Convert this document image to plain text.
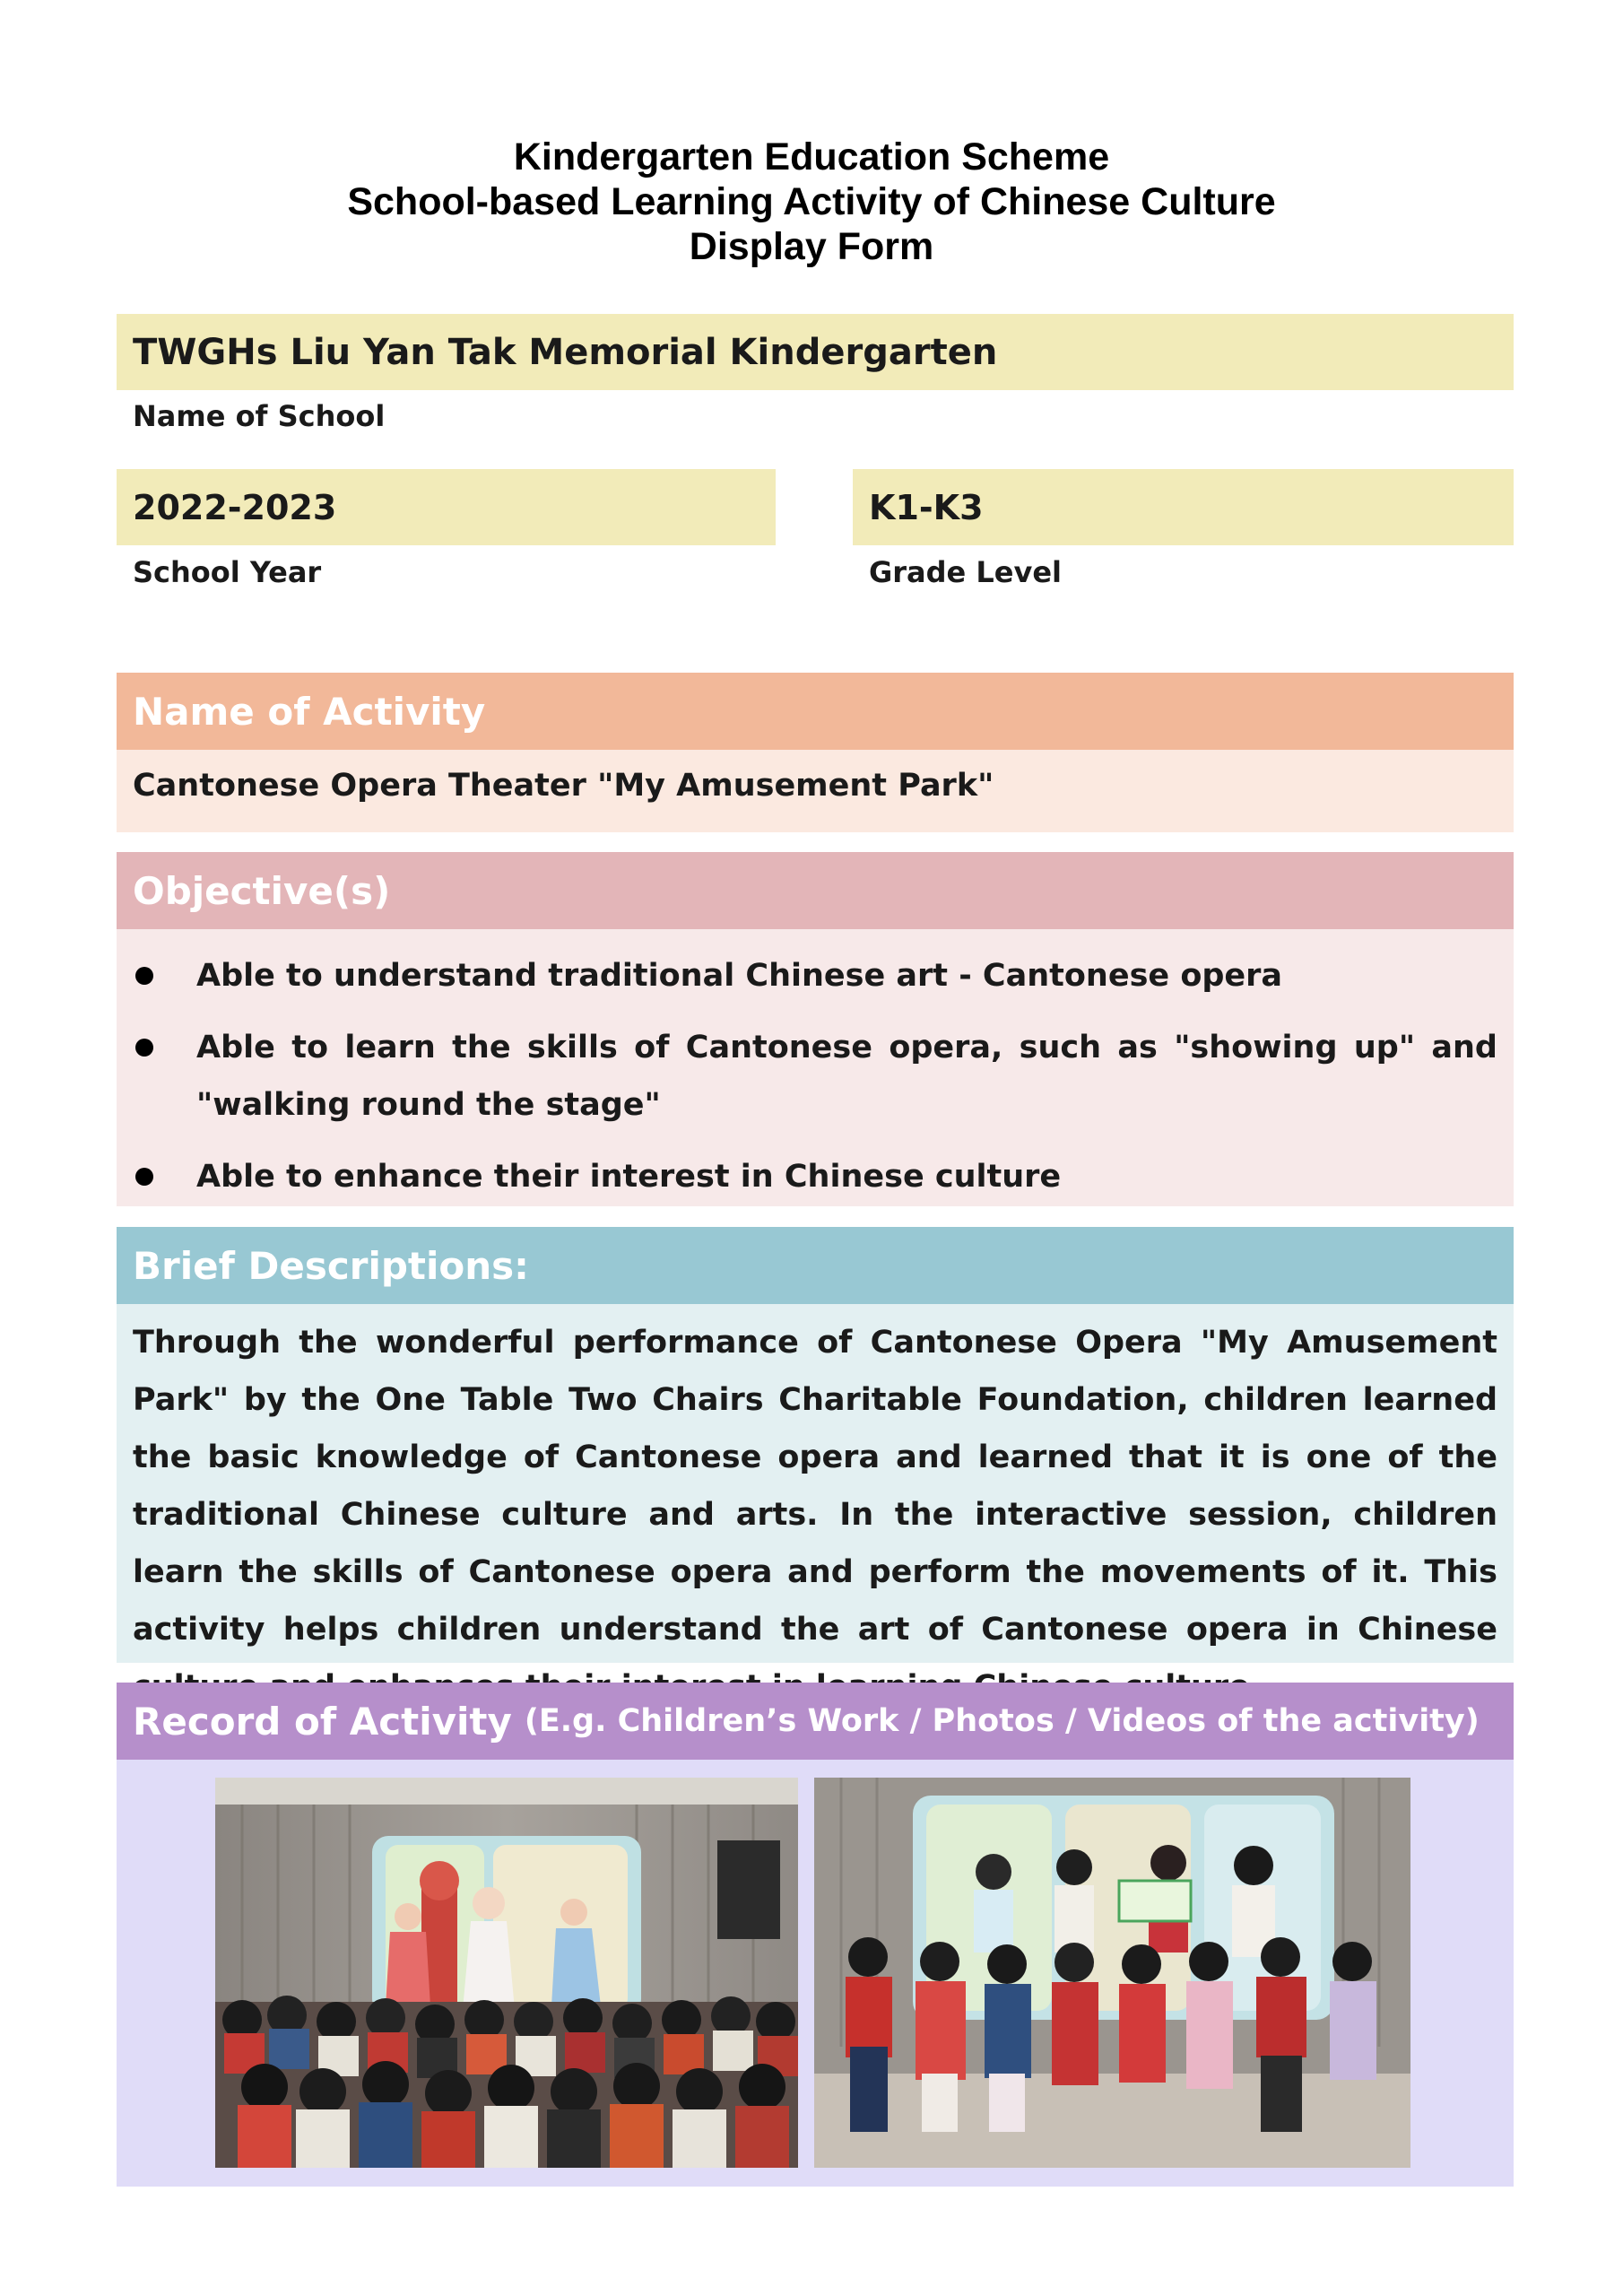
Kindergarten Education Scheme
School-based Learning Activity of Chinese Culture
Display Form
TWGHs Liu Yan Tak Memorial Kindergarten
Name of School
2022-2023
School Year
K1-K3
Grade Level
Name of Activity
Cantonese Opera Theater "My Amusement Park"
Objective(s)
Able to understand traditional Chinese art - Cantonese opera
Able to learn the skills of Cantonese opera, such as "showing up" and "walking round the stage"
Able to enhance their interest in Chinese culture
Brief Descriptions:
Through the wonderful performance of Cantonese Opera "My Amusement Park" by the One Table Two Chairs Charitable Foundation, children learned the basic knowledge of Cantonese opera and learned that it is one of the traditional Chinese culture and arts. In the interactive session, children learn the skills of Cantonese opera and perform the movements of it. This activity helps children understand the art of Cantonese opera in Chinese
Record of Activity (E.g. Children’s Work / Photos / Videos of the activity)
